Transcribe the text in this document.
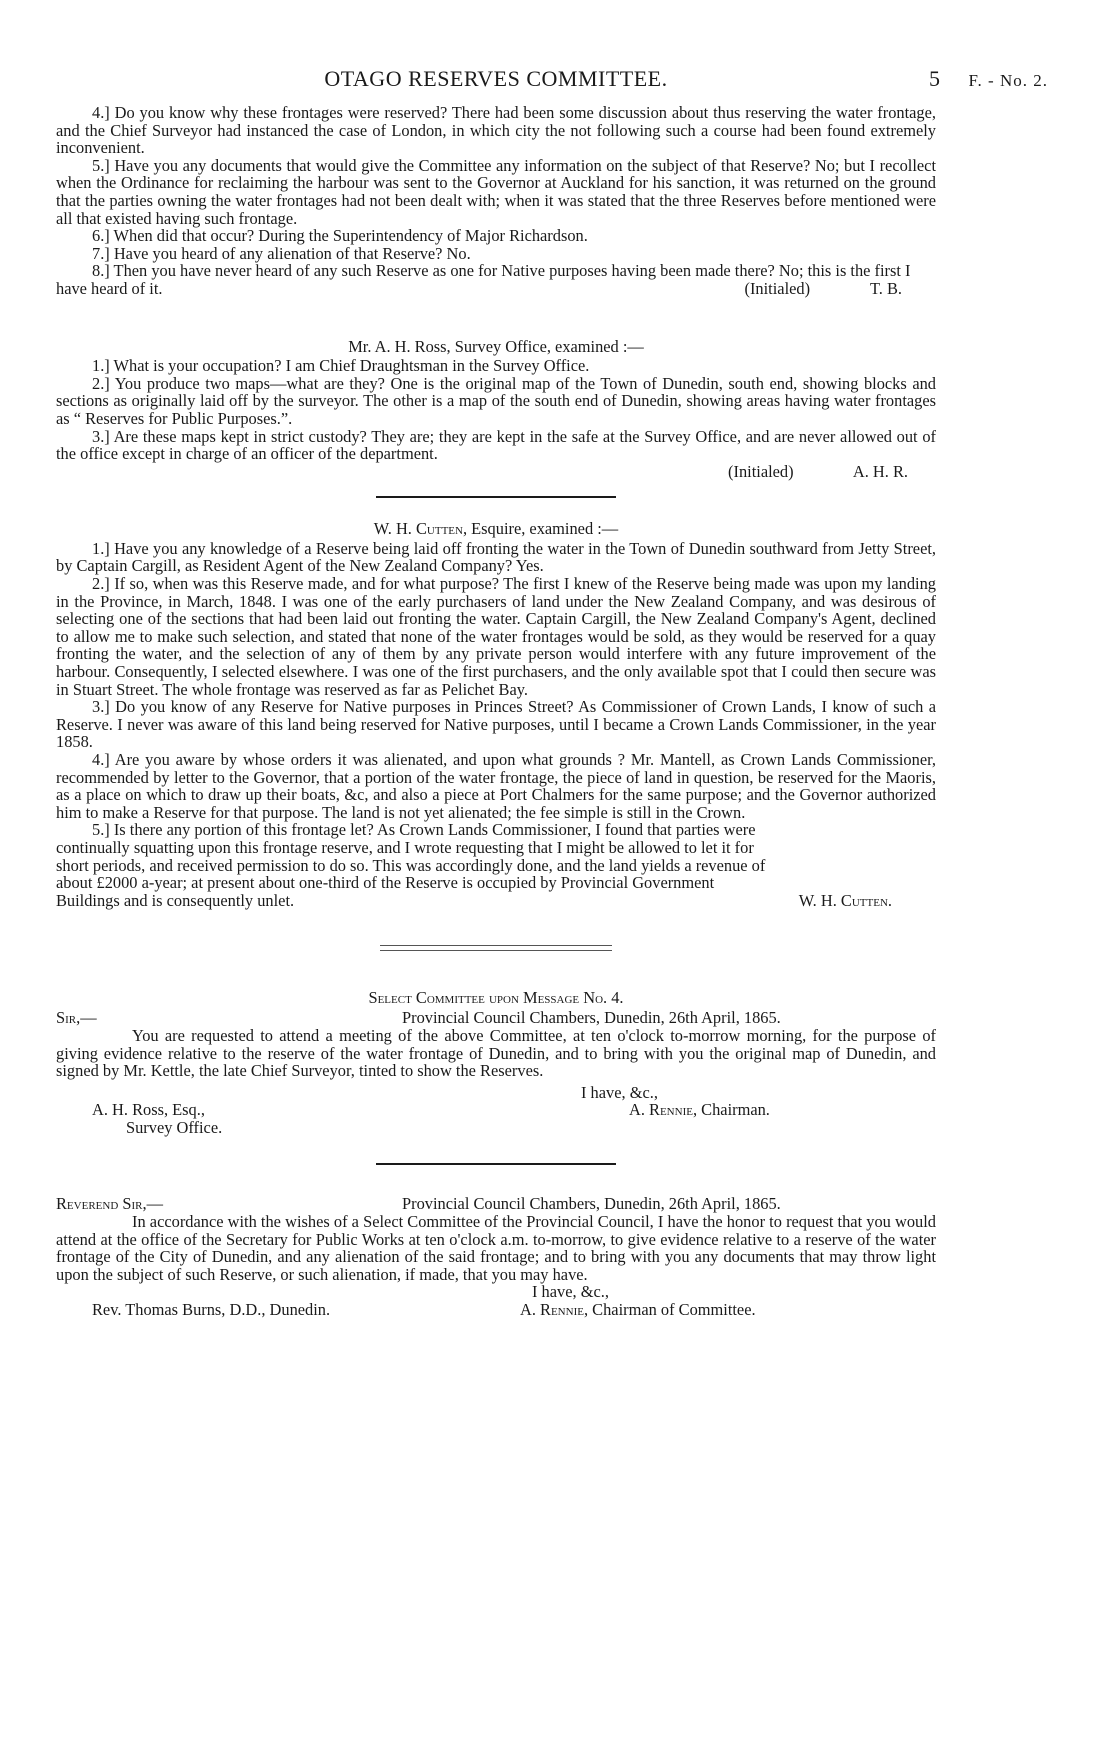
OTAGO RESERVES COMMITTEE.	5 F. - No. 2.

4.] Do you know why these frontages were reserved? There had been some discussion about thus reserving the water frontage, and the Chief Surveyor had instanced the case of London, in which city the not following such a course had been found extremely inconvenient.

5.] Have you any documents that would give the Committee any information on the subject of that Reserve? No; but I recollect when the Ordinance for reclaiming the harbour was sent to the Governor at Auckland for his sanction, it was returned on the ground that the parties owning the water frontages had not been dealt with; when it was stated that the three Reserves before mentioned were all that existed having such frontage.

6.] When did that occur? During the Superintendency of Major Richardson.

7.] Have you heard of any alienation of that Reserve? No.

8.] Then you have never heard of any such Reserve as one for Native purposes having been made there? No; this is the first I have heard of it.	(Initialed)	T. B.
Mr. A. H. Ross, Survey Office, examined :—

1.] What is your occupation? I am Chief Draughtsman in the Survey Office.

2.] You produce two maps—what are they? One is the original map of the Town of Dunedin, south end, showing blocks and sections as originally laid off by the surveyor. The other is a map of the south end of Dunedin, showing areas having water frontages as “ Reserves for Public Purposes.”.

3.] Are these maps kept in strict custody? They are; they are kept in the safe at the Survey Office, and are never allowed out of the office except in charge of an officer of the department.

(Initialed)	A. H. R.
W. H. Cutten, Esquire, examined :—

1.] Have you any knowledge of a Reserve being laid off fronting the water in the Town of Dunedin southward from Jetty Street, by Captain Cargill, as Resident Agent of the New Zealand Company? Yes.

2.] If so, when was this Reserve made, and for what purpose? The first I knew of the Reserve being made was upon my landing in the Province, in March, 1848. I was one of the early purchasers of land under the New Zealand Company, and was desirous of selecting one of the sections that had been laid out fronting the water. Captain Cargill, the New Zealand Company's Agent, declined to allow me to make such selection, and stated that none of the water frontages would be sold, as they would be reserved for a quay fronting the water, and the selection of any of them by any private person would interfere with any future improvement of the harbour. Consequently, I selected elsewhere. I was one of the first purchasers, and the only available spot that I could then secure was in Stuart Street. The whole frontage was reserved as far as Pelichet Bay.

3.] Do you know of any Reserve for Native purposes in Princes Street? As Commissioner of Crown Lands, I know of such a Reserve. I never was aware of this land being reserved for Native purposes, until I became a Crown Lands Commissioner, in the year 1858.

4.] Are you aware by whose orders it was alienated, and upon what grounds ? Mr. Mantell, as Crown Lands Commissioner, recommended by letter to the Governor, that a portion of the water frontage, the piece of land in question, be reserved for the Maoris, as a place on which to draw up their boats, &c, and also a piece at Port Chalmers for the same purpose; and the Governor authorized him to make a Reserve for that purpose. The land is not yet alienated; the fee simple is still in the Crown.

5.] Is there any portion of this frontage let? As Crown Lands Commissioner, I found that parties were continually squatting upon this frontage reserve, and I wrote requesting that I might be allowed to let it for short periods, and received permission to do so. This was accordingly done, and the land yields a revenue of about £2000 a-year; at present about one-third of the Reserve is occupied by Provincial Government Buildings and is consequently unlet.	W. H. Cutten.
Select Committee upon Message No. 4.
Sir,—	Provincial Council Chambers, Dunedin, 26th April, 1865.

You are requested to attend a meeting of the above Committee, at ten o'clock to-morrow morning, for the purpose of giving evidence relative to the reserve of the water frontage of Dunedin, and to bring with you the original map of Dunedin, and signed by Mr. Kettle, the late Chief Surveyor, tinted to show the Reserves.

I have, &c.,
A. H. Ross, Esq.,	A. Rennie, Chairman.
Survey Office.
Reverend Sir,—	Provincial Council Chambers, Dunedin, 26th April, 1865.

In accordance with the wishes of a Select Committee of the Provincial Council, I have the honor to request that you would attend at the office of the Secretary for Public Works at ten o'clock a.m. to-morrow, to give evidence relative to a reserve of the water frontage of the City of Dunedin, and any alienation of the said frontage; and to bring with you any documents that may throw light upon the subject of such Reserve, or such alienation, if made, that you may have.

I have, &c.,
Rev. Thomas Burns, D.D., Dunedin.	A. Rennie, Chairman of Committee.
